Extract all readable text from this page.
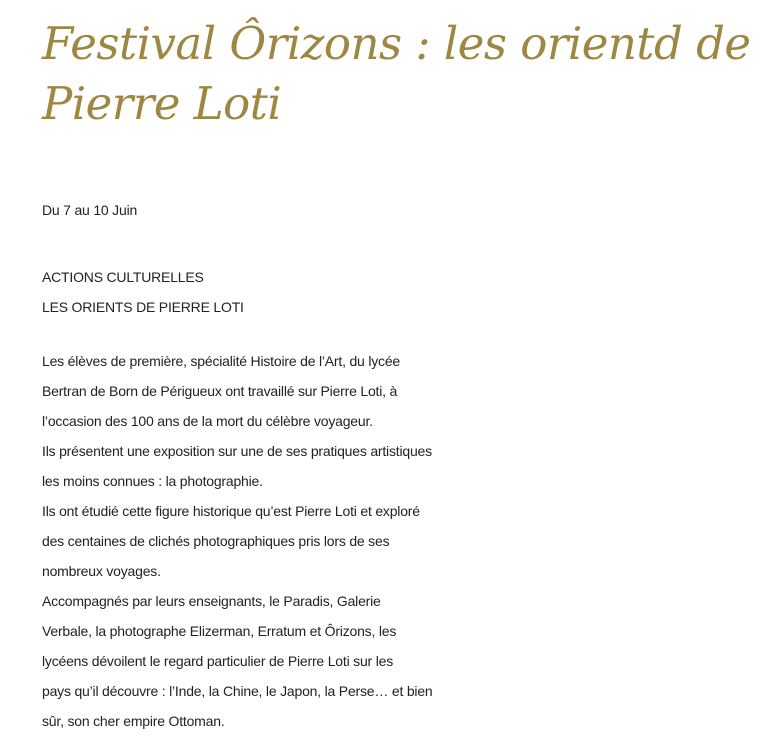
Festival Ôrizons : les orientd de
Pierre Loti
Du 7 au 10 Juin
ACTIONS CULTURELLES
LES ORIENTS DE PIERRE LOTI
Les élèves de première, spécialité Histoire de l’Art, du lycée
Bertran de Born de Périgueux ont travaillé sur Pierre Loti, à
l’occasion des 100 ans de la mort du célèbre voyageur.
Ils présentent une exposition sur une de ses pratiques artistiques
les moins connues : la photographie.
Ils ont étudié cette figure historique qu’est Pierre Loti et exploré
des centaines de clichés photographiques pris lors de ses
nombreux voyages.
Accompagnés par leurs enseignants, le Paradis, Galerie
Verbale, la photographe Elizerman, Erratum et Ôrizons, les
lycéens dévoilent le regard particulier de Pierre Loti sur les
pays qu’il découvre : l’Inde, la Chine, le Japon, la Perse… et bien
sûr, son cher empire Ottoman.
